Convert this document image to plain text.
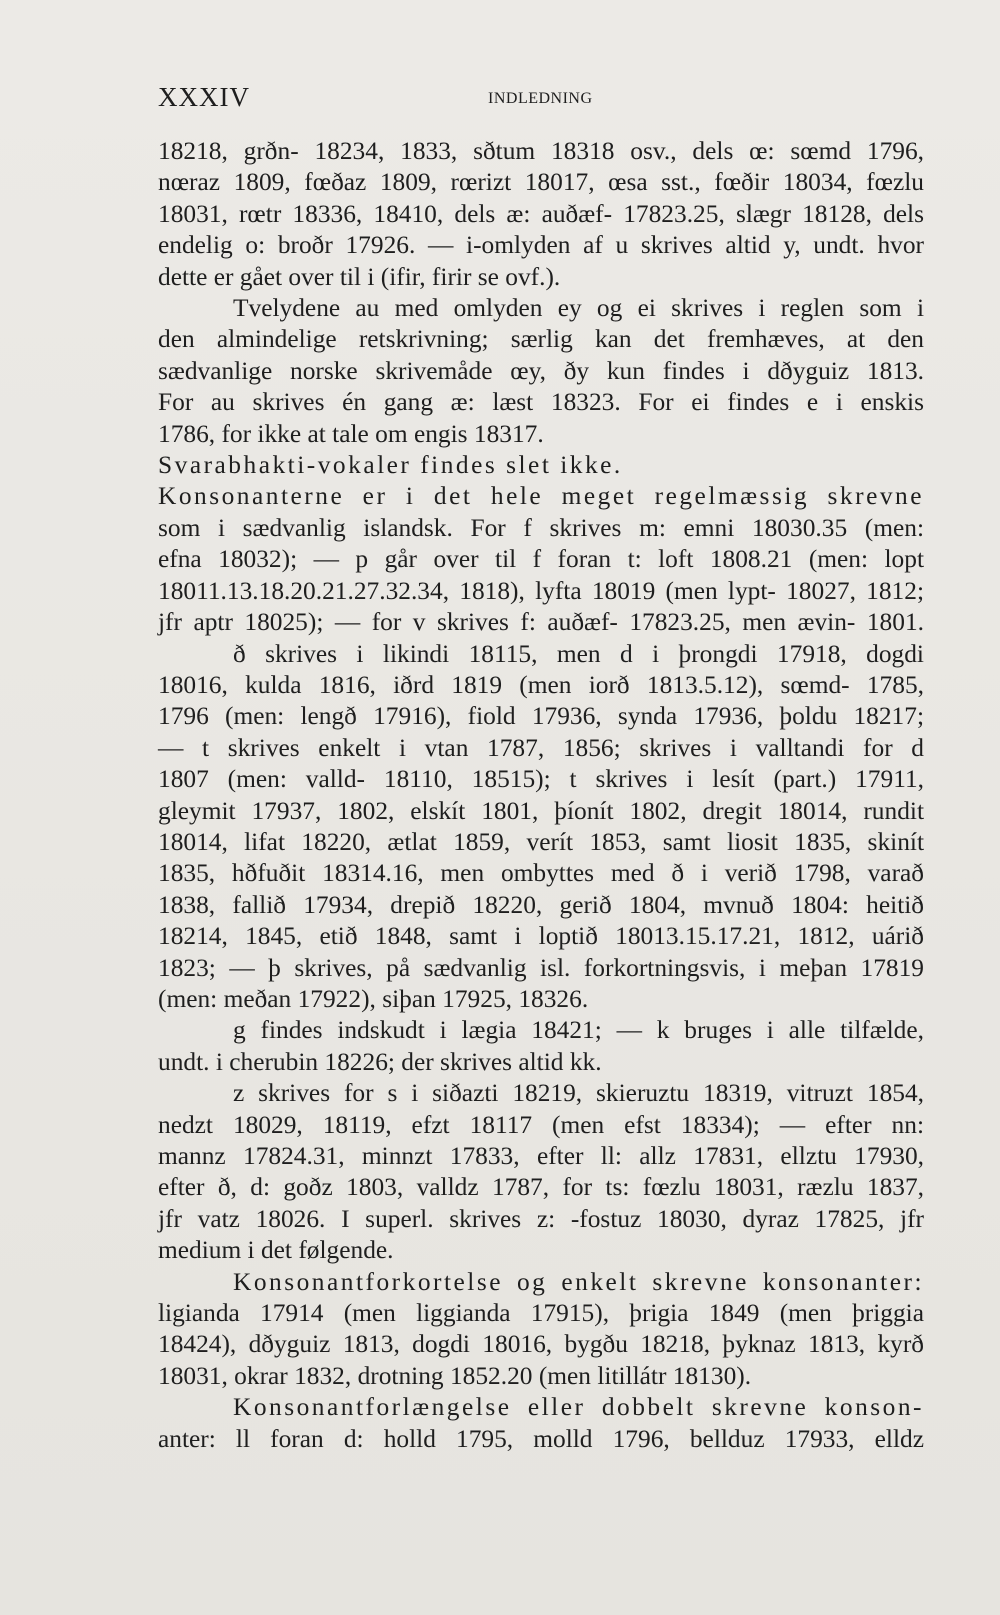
XXXIV	INDLEDNING
18218, grðn- 18234, 1833, sðtum 18318 osv., dels œ: sœmd 1796,
nœraz 1809, fœðaz 1809, rœrizt 18017, œsa sst., fœðir 18034, fœzlu
18031, rœtr 18336, 18410, dels æ: auðæf- 17823.25, slægr 18128, dels
endelig o: broðr 17926. — i-omlyden af u skrives altid y, undt. hvor
dette er gået over til i (ifir, firir se ovf.).
Tvelydene au med omlyden ey og ei skrives i reglen som i
den almindelige retskrivning; særlig kan det fremhæves, at den
sædvanlige norske skrivemåde œy, ðy kun findes i dðyguiz 1813.
For au skrives én gang æ: læst 18323. For ei findes e i enskis
1786, for ikke at tale om engis 18317.
Svarabhakti-vokaler findes slet ikke.
Konsonanterne er i det hele meget regelmæssig skrevne
som i sædvanlig islandsk. For f skrives m: emni 18030.35 (men:
efna 18032); — p går over til f foran t: loft 1808.21 (men: lopt
18011.13.18.20.21.27.32.34, 1818), lyfta 18019 (men lypt- 18027, 1812;
jfr aptr 18025); — for v skrives f: auðæf- 17823.25, men ævin- 1801.
ð skrives i likindi 18115, men d i þrongdi 17918, dogdi
18016, kulda 1816, iðrd 1819 (men iorð 1813.5.12), sœmd- 1785,
1796 (men: lengð 17916), fiold 17936, synda 17936, þoldu 18217;
— t skrives enkelt i vtan 1787, 1856; skrives i valltandi for d
1807 (men: valld- 18110, 18515); t skrives i lesít (part.) 17911,
gleymit 17937, 1802, elskít 1801, þíonít 1802, dregit 18014, rundit
18014, lifat 18220, ætlat 1859, verít 1853, samt liosit 1835, skinít
1835, hðfuðit 18314.16, men ombyttes med ð i verið 1798, varað
1838, fallið 17934, drepið 18220, gerið 1804, mvnuð 1804: heitið
18214, 1845, etið 1848, samt i loptið 18013.15.17.21, 1812, uárið
1823; — þ skrives, på sædvanlig isl. forkortningsvis, i meþan 17819
(men: meðan 17922), siþan 17925, 18326.
g findes indskudt i lægia 18421; — k bruges i alle tilfælde,
undt. i cherubin 18226; der skrives altid kk.
z skrives for s i siðazti 18219, skieruztu 18319, vitruzt 1854,
nedzt 18029, 18119, efzt 18117 (men efst 18334); — efter nn:
mannz 17824.31, minnzt 17833, efter ll: allz 17831, ellztu 17930,
efter ð, d: goðz 1803, valldz 1787, for ts: fœzlu 18031, ræzlu 1837,
jfr vatz 18026. I superl. skrives z: -fostuz 18030, dyraz 17825, jfr
medium i det følgende.
Konsonantforkortelse og enkelt skrevne konsonanter:
ligianda 17914 (men liggianda 17915), þrigia 1849 (men þriggia
18424), dðyguiz 1813, dogdi 18016, bygðu 18218, þyknaz 1813, kyrð
18031, okrar 1832, drotning 1852.20 (men litillátr 18130).
Konsonantforlængelse eller dobbelt skrevne konson-
anter: ll foran d: holld 1795, molld 1796, bellduz 17933, elldz
